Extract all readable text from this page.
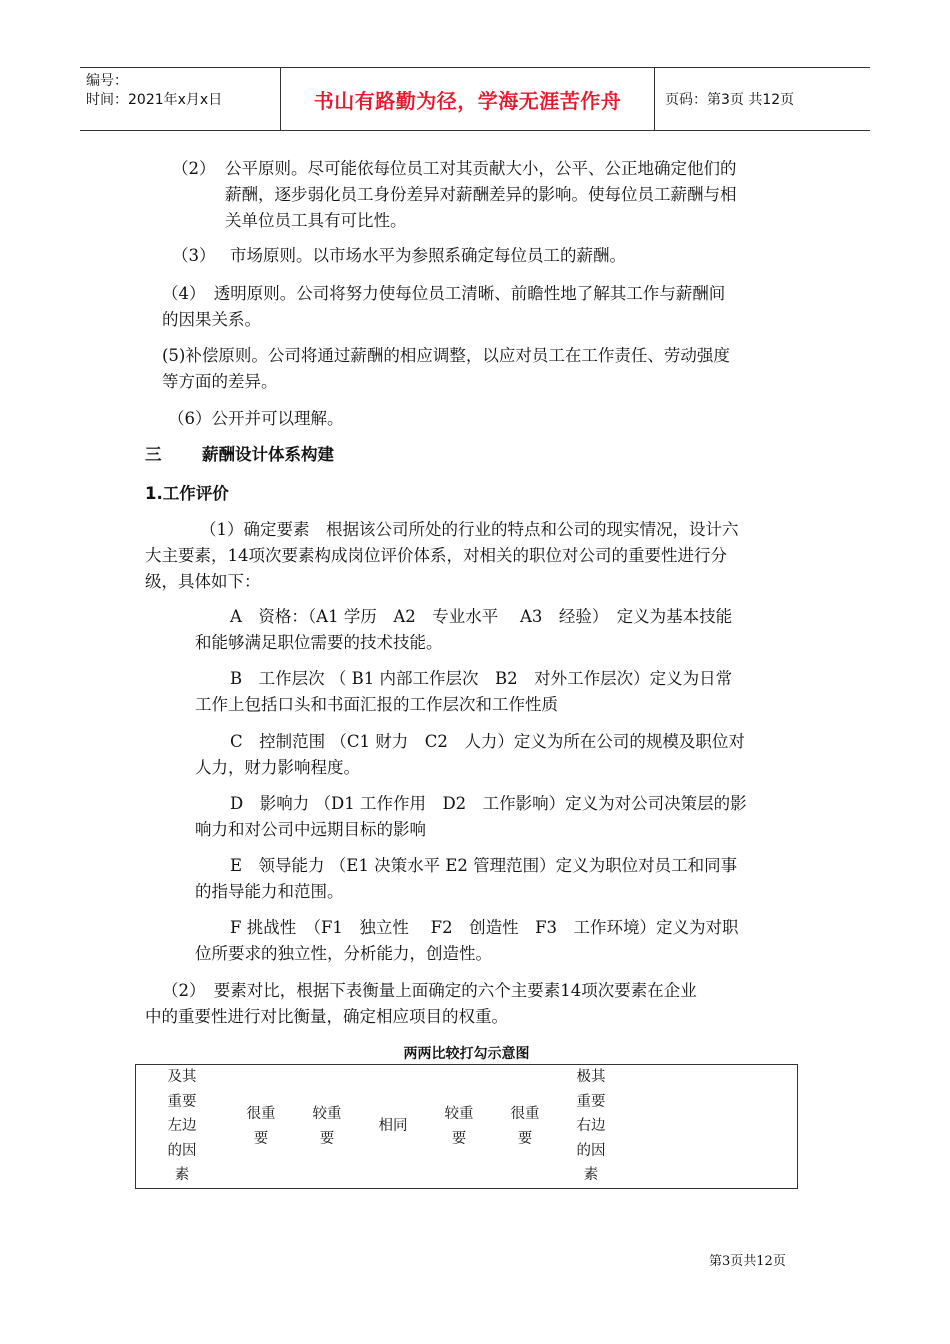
编号：
时间：2021年x月x日	书山有路勤为径，学海无涯苦作舟	页码：第3页 共12页
（2） 公平原则。尽可能依每位员工对其贡献大小，公平、公正地确定他们的
薪酬，逐步弱化员工身份差异对薪酬差异的影响。使每位员工薪酬与相
关单位员工具有可比性。
（3） 市场原则。以市场水平为参照系确定每位员工的薪酬。
（4）　透明原则。公司将努力使每位员工清晰、前瞻性地了解其工作与薪酬间
的因果关系。
(5)补偿原则。公司将通过薪酬的相应调整，以应对员工在工作责任、劳动强度
等方面的差异。
（6）公开并可以理解。
三 薪酬设计体系构建
1.工作评价
（1）确定要素　根据该公司所处的行业的特点和公司的现实情况，设计六
大主要素，14项次要素构成岗位评价体系，对相关的职位对公司的重要性进行分
级，具体如下：
A　资格：（A1 学历　A2　专业水平　 A3　经验）　定义为基本技能
和能够满足职位需要的技术技能。
B　工作层次 （ B1 内部工作层次　B2　对外工作层次）定义为日常
工作上包括口头和书面汇报的工作层次和工作性质
C　控制范围 （C1 财力　C2　人力）定义为所在公司的规模及职位对
人力，财力影响程度。
D　影响力 （D1 工作作用　D2　工作影响）定义为对公司决策层的影
响力和对公司中远期目标的影响
E　领导能力 （E1 决策水平 E2 管理范围）定义为职位对员工和同事
的指导能力和范围。
F 挑战性　（F1　独立性　 F2　创造性　F3　工作环境）定义为对职
位所要求的独立性，分析能力，创造性。
（2）　要素对比，根据下表衡量上面确定的六个主要素14项次要素在企业
中的重要性进行对比衡量，确定相应项目的权重。
两两比较打勾示意图
及其
重要
左边
的因
素
很重
要
较重
要
相同
较重
要
很重
要
极其
重要
右边
的因
素
第3页共12页
